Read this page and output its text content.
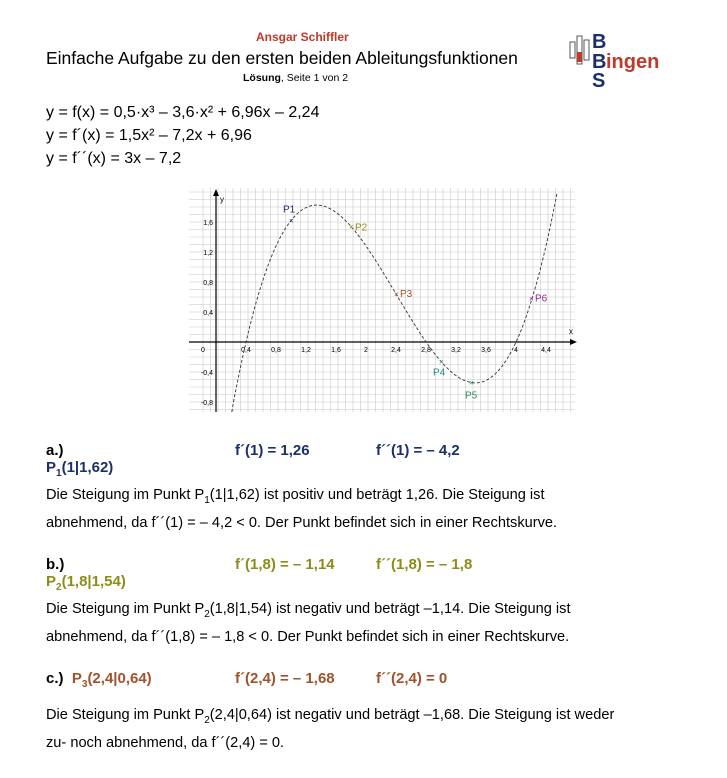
Ansgar Schiffler
Einfache Aufgabe zu den ersten beiden Ableitungsfunktionen
Lösung, Seite 1 von 2
B
B
S
ingen
y = f(x) = 0,5·x³ – 3,6·x² + 6,96x – 2,24
y = f´(x) = 1,5x² – 7,2x + 6,96
y = f´´(x) = 3x – 7,2
x
y
0	0,4	0,8	1,2	1,6	2	2,4	2,8	3,2	3,6	4	4,4
1,6
1,2
0,8
0,4
-0,4
-0,8
×
P1
× P2
× P3
×
P4
×
P5
× P6
a.) $P_1(1|1,62)$
f´(1) = 1,26	f´´(1) = – 4,2
Die Steigung im Punkt $P_1(1|1,62)$ ist positiv und beträgt 1,26. Die Steigung ist
abnehmend, da f´´(1) = – 4,2 < 0. Der Punkt befindet sich in einer Rechtskurve.
b.) $P_2(1,8|1,54)$
f´(1,8) = – 1,14	f´´(1,8) = – 1,8
Die Steigung im Punkt $P_2(1,8|1,54)$ ist negativ und beträgt –1,14. Die Steigung ist
abnehmend, da f´´(1,8) = – 1,8 < 0. Der Punkt befindet sich in einer Rechtskurve.
c.) $P_3(2,4|0,64)$	f´(2,4) = – 1,68	f´´(2,4) = 0
Die Steigung im Punkt $P_2(2,4|0,64)$ ist negativ und beträgt –1,68. Die Steigung ist weder
zu- noch abnehmend, da f´´(2,4) = 0.
